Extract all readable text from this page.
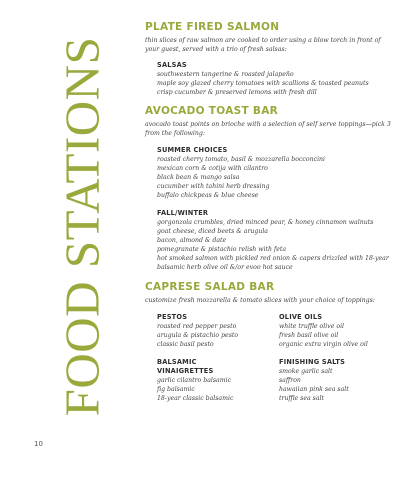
FOOD STATIONS
PLATE FIRED SALMON

thin slices of raw salmon are cooked to order using a blow torch in front of your guest, served with a trio of fresh salsas:

SALSAS

southwestern tangerine & roasted jalapeño

maple soy glazed cherry tomatoes with scallions & toasted peanuts

crisp cucumber & preserved lemons with fresh dill

AVOCADO TOAST BAR

avocado toast points on brioche with a selection of self serve toppings—pick 3 from the following:

SUMMER CHOICES

roasted cherry tomato, basil & mozzarella bocconcini

mexican corn & cotija with cilantro

black bean & mango salsa

cucumber with tahini herb dressing

buffalo chickpeas & blue cheese

FALL/WINTER

gorgonzola crumbles, dried minced pear, & honey cinnamon walnuts

goat cheese, diced beets & arugula

bacon, almond & date

pomegranate & pistachio relish with feta

hot smoked salmon with pickled red onion & capers drizzled with 18-year balsamic herb olive oil &/or evoo hot sauce

CAPRESE SALAD BAR

customize fresh mozzarella & tomato slices with your choice of toppings:

PESTOS

roasted red pepper pesto

arugula & pistachio pesto

classic basil pesto

OLIVE OILS

white truffle olive oil

fresh basil olive oil

organic extra virgin olive oil

BALSAMIC

VINAIGRETTES

garlic cilantro balsamic

fig balsamic

18-year classic balsamic

FINISHING SALTS

smoke garlic salt

saffron

hawaiian pink sea salt

truffle sea salt

10
